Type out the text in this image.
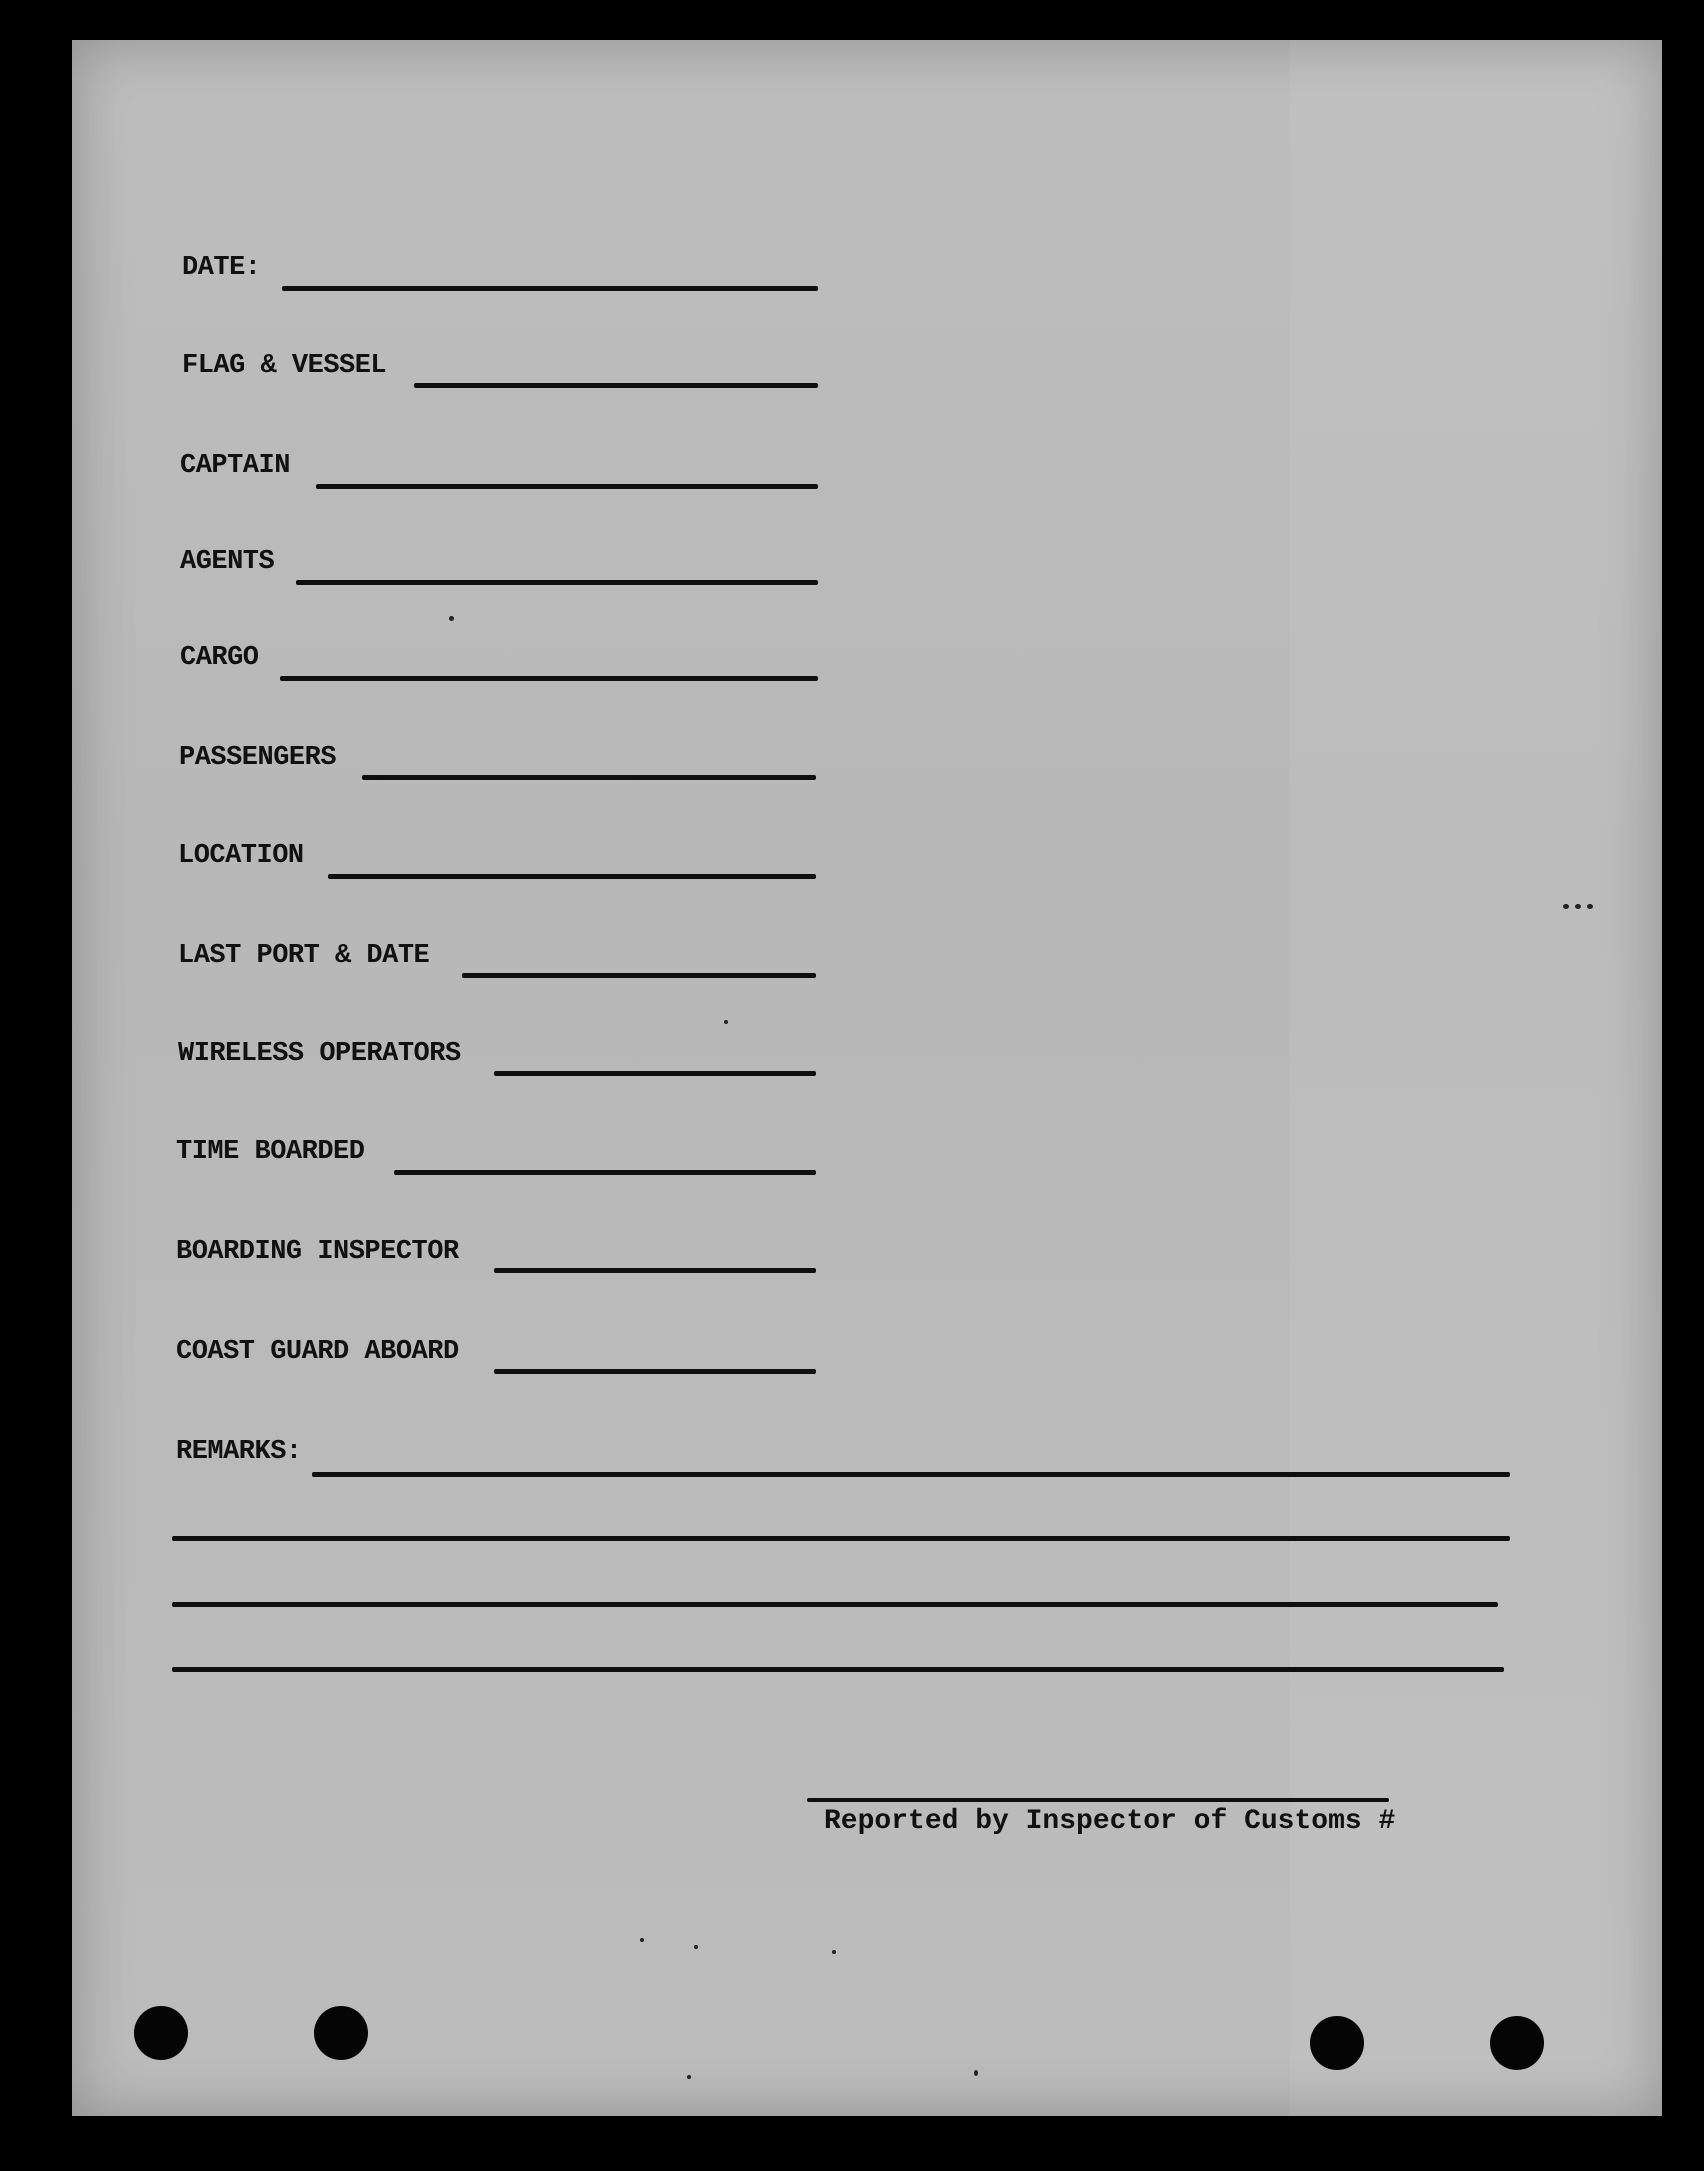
DATE:
FLAG & VESSEL
CAPTAIN
AGENTS
CARGO
PASSENGERS
LOCATION
LAST PORT & DATE
WIRELESS OPERATORS
TIME BOARDED
BOARDING INSPECTOR
COAST GUARD ABOARD
REMARKS:
Reported by Inspector of Customs #
